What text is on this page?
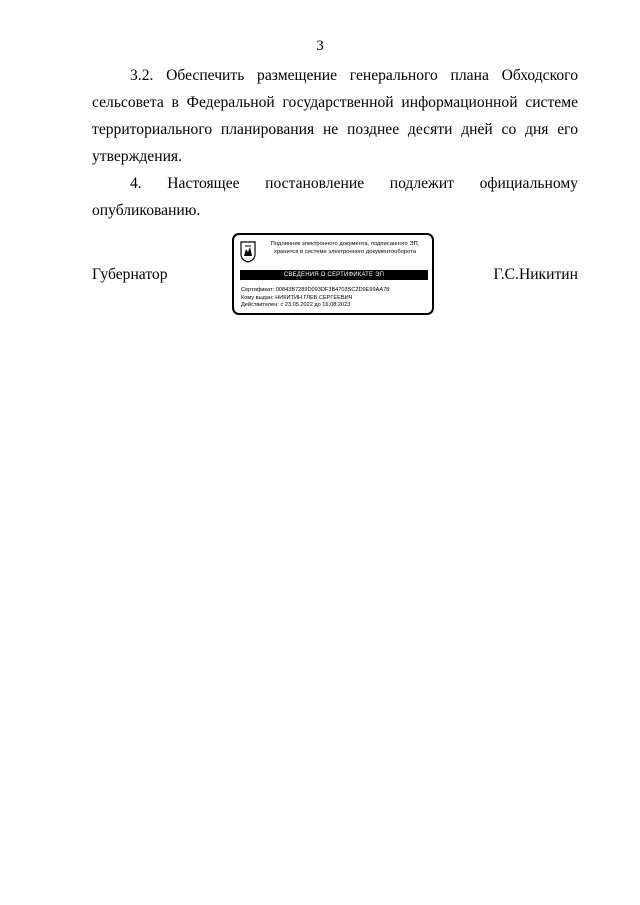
3

3.2. Обеспечить размещение генерального плана Обходского сельсовета в Федеральной государственной информационной системе территориального планирования не позднее десяти дней со дня его утверждения.

4. Настоящее постановление подлежит официальному опубликованию.

Губернатор	Г.С.Никитин
Подлинник электронного документа, подписанного ЭП,
хранится в системе электронного документооборота
СВЕДЕНИЯ О СЕРТИФИКАТЕ ЭП
Сертификат: 00843B7289D093DF3B4703SC2D9E99AA78
Кому выдан: НИКИТИН ГЛЕБ СЕРГЕЕВИЧ
Действителен: с 23.05.2022 до 16.08.2023
